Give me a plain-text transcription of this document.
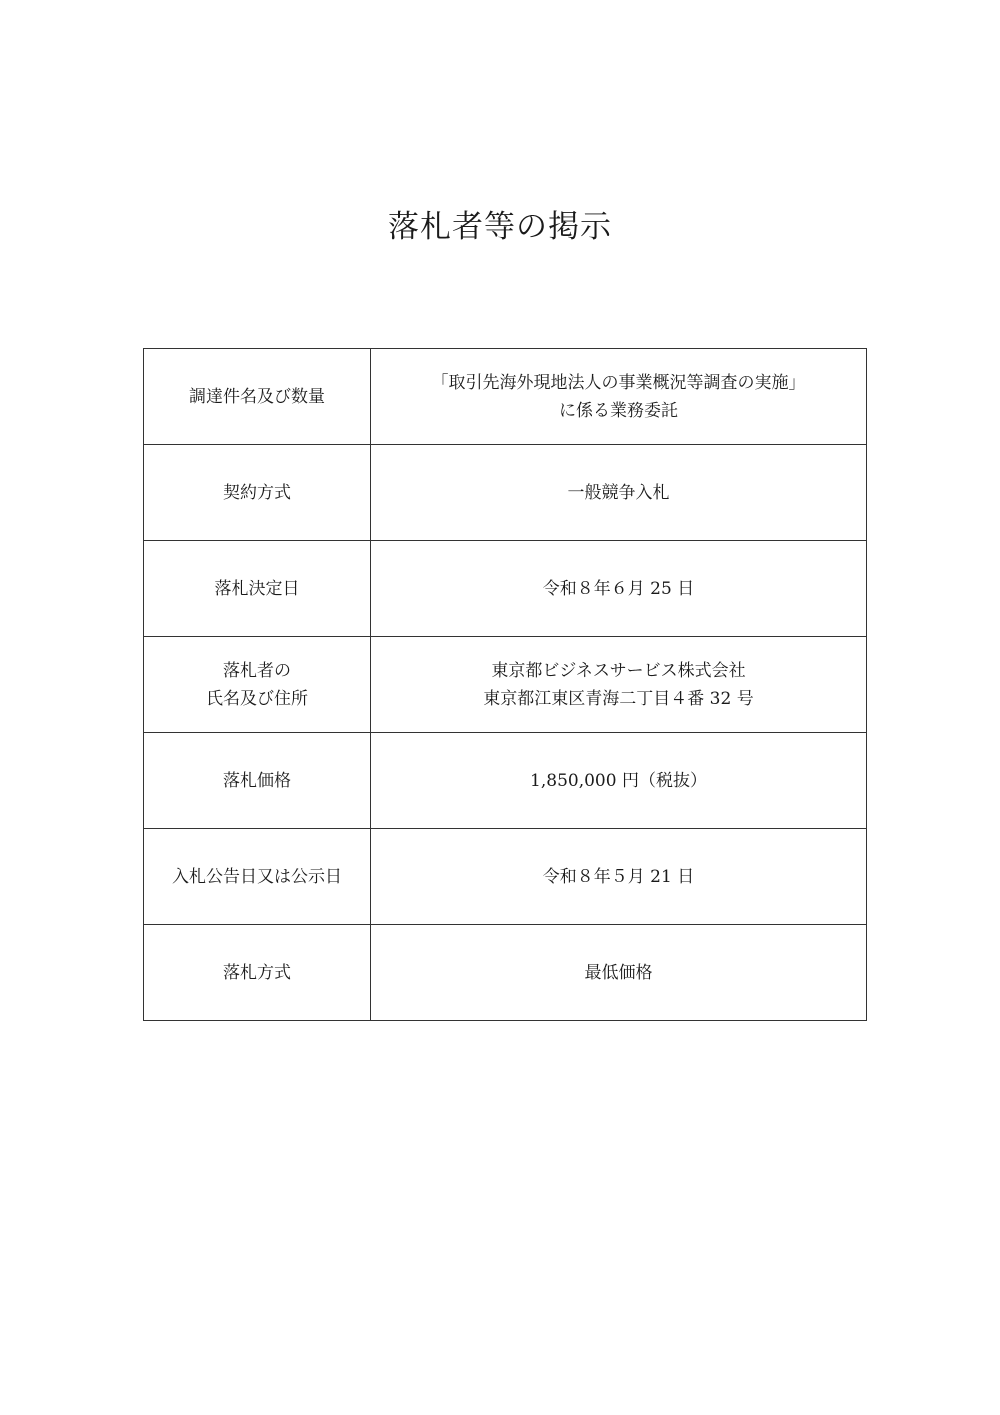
落札者等の掲示
調達件名及び数量	「取引先海外現地法人の事業概況等調査の実施」
に係る業務委託

契約方式	一般競争入札

落札決定日	令和８年６月 25 日

落札者の
氏名及び住所	東京都ビジネスサービス株式会社
東京都江東区青海二丁目４番 32 号

落札価格	1,850,000 円（税抜）

入札公告日又は公示日	令和８年５月 21 日

落札方式	最低価格
